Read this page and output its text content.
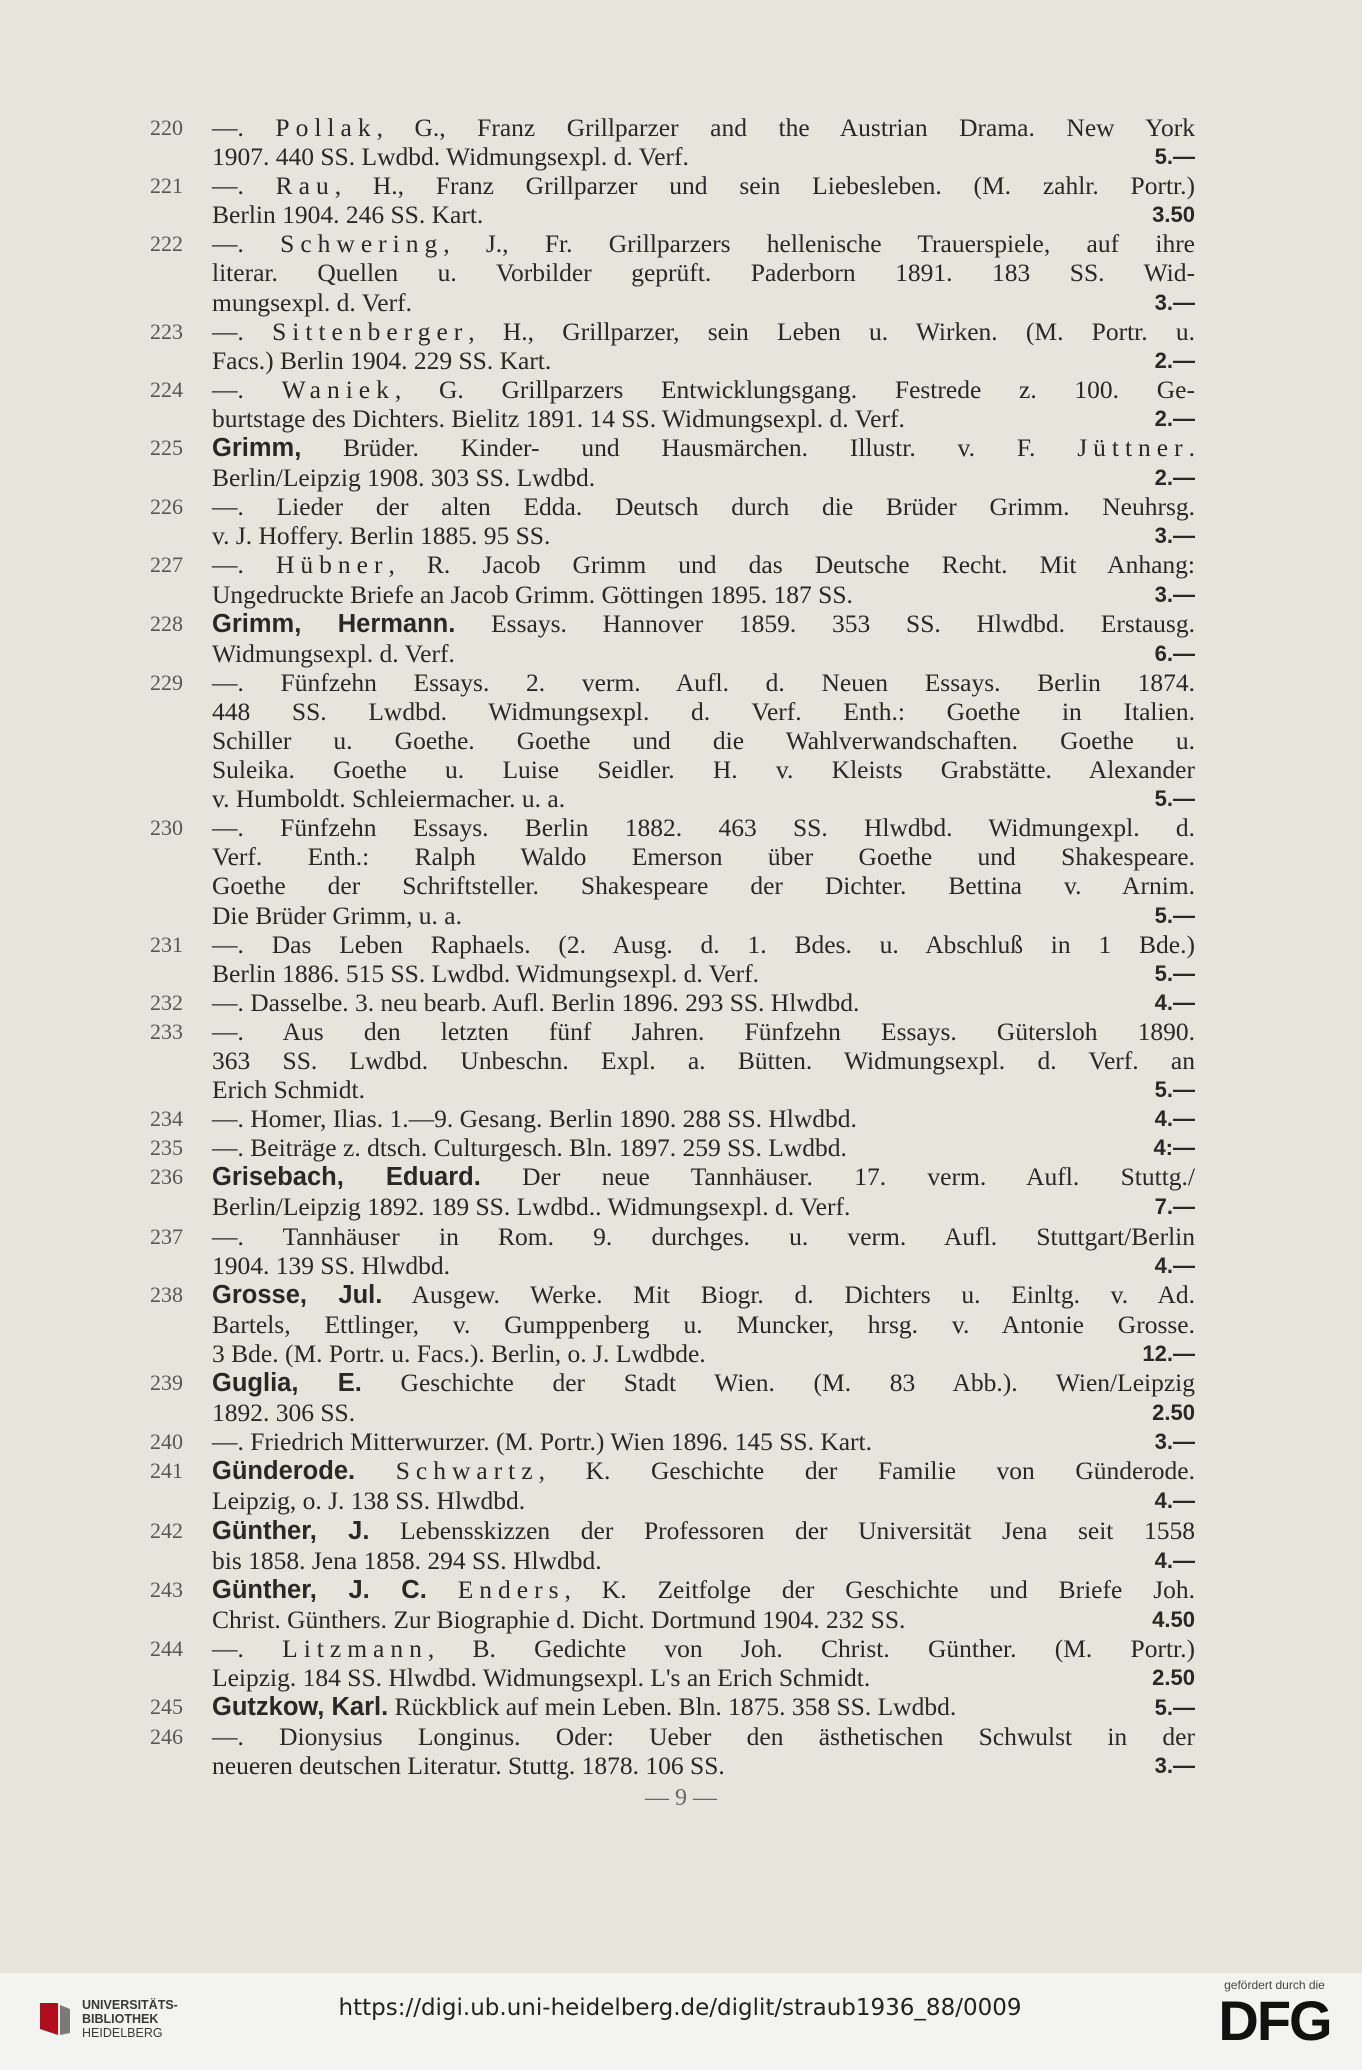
220	—. Pollak, G., Franz Grillparzer and the Austrian Drama. New York
1907. 440 SS. Lwdbd. Widmungsexpl. d. Verf.	5.—
221	—. Rau, H., Franz Grillparzer und sein Liebesleben. (M. zahlr. Portr.)
Berlin 1904. 246 SS. Kart.	3.50
222	—. Schwering, J., Fr. Grillparzers hellenische Trauerspiele, auf ihre
literar. Quellen u. Vorbilder geprüft. Paderborn 1891. 183 SS. Wid-
mungsexpl. d. Verf.	3.—
223	—. Sittenberger, H., Grillparzer, sein Leben u. Wirken. (M. Portr. u.
Facs.) Berlin 1904. 229 SS. Kart.	2.—
224	—. Waniek, G. Grillparzers Entwicklungsgang. Festrede z. 100. Ge-
burtstage des Dichters. Bielitz 1891. 14 SS. Widmungsexpl. d. Verf.	2.—
225	Grimm, Brüder. Kinder- und Hausmärchen. Illustr. v. F. Jüttner.
Berlin/Leipzig 1908. 303 SS. Lwdbd.	2.—
226	—. Lieder der alten Edda. Deutsch durch die Brüder Grimm. Neuhrsg.
v. J. Hoffery. Berlin 1885. 95 SS.	3.—
227	—. Hübner, R. Jacob Grimm und das Deutsche Recht. Mit Anhang:
Ungedruckte Briefe an Jacob Grimm. Göttingen 1895. 187 SS.	3.—
228	Grimm, Hermann. Essays. Hannover 1859. 353 SS. Hlwdbd. Erstausg.
Widmungsexpl. d. Verf.	6.—
229	—. Fünfzehn Essays. 2. verm. Aufl. d. Neuen Essays. Berlin 1874.
448 SS. Lwdbd. Widmungsexpl. d. Verf. Enth.: Goethe in Italien.
Schiller u. Goethe. Goethe und die Wahlverwandschaften. Goethe u.
Suleika. Goethe u. Luise Seidler. H. v. Kleists Grabstätte. Alexander
v. Humboldt. Schleiermacher. u. a.	5.—
230	—. Fünfzehn Essays. Berlin 1882. 463 SS. Hlwdbd. Widmungexpl. d.
Verf. Enth.: Ralph Waldo Emerson über Goethe und Shakespeare.
Goethe der Schriftsteller. Shakespeare der Dichter. Bettina v. Arnim.
Die Brüder Grimm, u. a.	5.—
231	—. Das Leben Raphaels. (2. Ausg. d. 1. Bdes. u. Abschluß in 1 Bde.)
Berlin 1886. 515 SS. Lwdbd. Widmungsexpl. d. Verf.	5.—
232	—. Dasselbe. 3. neu bearb. Aufl. Berlin 1896. 293 SS. Hlwdbd.	4.—
233	—. Aus den letzten fünf Jahren. Fünfzehn Essays. Gütersloh 1890.
363 SS. Lwdbd. Unbeschn. Expl. a. Bütten. Widmungsexpl. d. Verf. an
Erich Schmidt.	5.—
234	—. Homer, Ilias. 1.—9. Gesang. Berlin 1890. 288 SS. Hlwdbd.	4.—
235	—. Beiträge z. dtsch. Culturgesch. Bln. 1897. 259 SS. Lwdbd.	4:—
236	Grisebach, Eduard. Der neue Tannhäuser. 17. verm. Aufl. Stuttg./
Berlin/Leipzig 1892. 189 SS. Lwdbd.. Widmungsexpl. d. Verf.	7.—
237	—. Tannhäuser in Rom. 9. durchges. u. verm. Aufl. Stuttgart/Berlin
1904. 139 SS. Hlwdbd.	4.—
238	Grosse, Jul. Ausgew. Werke. Mit Biogr. d. Dichters u. Einltg. v. Ad.
Bartels, Ettlinger, v. Gumppenberg u. Muncker, hrsg. v. Antonie Grosse.
3 Bde. (M. Portr. u. Facs.). Berlin, o. J. Lwdbde.	12.—
239	Guglia, E. Geschichte der Stadt Wien. (M. 83 Abb.). Wien/Leipzig
1892. 306 SS.	2.50
240	—. Friedrich Mitterwurzer. (M. Portr.) Wien 1896. 145 SS. Kart.	3.—
241	Günderode. Schwartz, K. Geschichte der Familie von Günderode.
Leipzig, o. J. 138 SS. Hlwdbd.	4.—
242	Günther, J. Lebensskizzen der Professoren der Universität Jena seit 1558
bis 1858. Jena 1858. 294 SS. Hlwdbd.	4.—
243	Günther, J. C. Enders, K. Zeitfolge der Geschichte und Briefe Joh.
Christ. Günthers. Zur Biographie d. Dicht. Dortmund 1904. 232 SS.	4.50
244	—. Litzmann, B. Gedichte von Joh. Christ. Günther. (M. Portr.)
Leipzig. 184 SS. Hlwdbd. Widmungsexpl. L's an Erich Schmidt.	2.50
245	Gutzkow, Karl. Rückblick auf mein Leben. Bln. 1875. 358 SS. Lwdbd.	5.—
246	—. Dionysius Longinus. Oder: Ueber den ästhetischen Schwulst in der
neueren deutschen Literatur. Stuttg. 1878. 106 SS.	3.—
— 9 —
UNIVERSITÄTS-
BIBLIOTHEK
HEIDELBERG
https://digi.ub.uni-heidelberg.de/diglit/straub1936_88/0009
gefördert durch die
DFG
